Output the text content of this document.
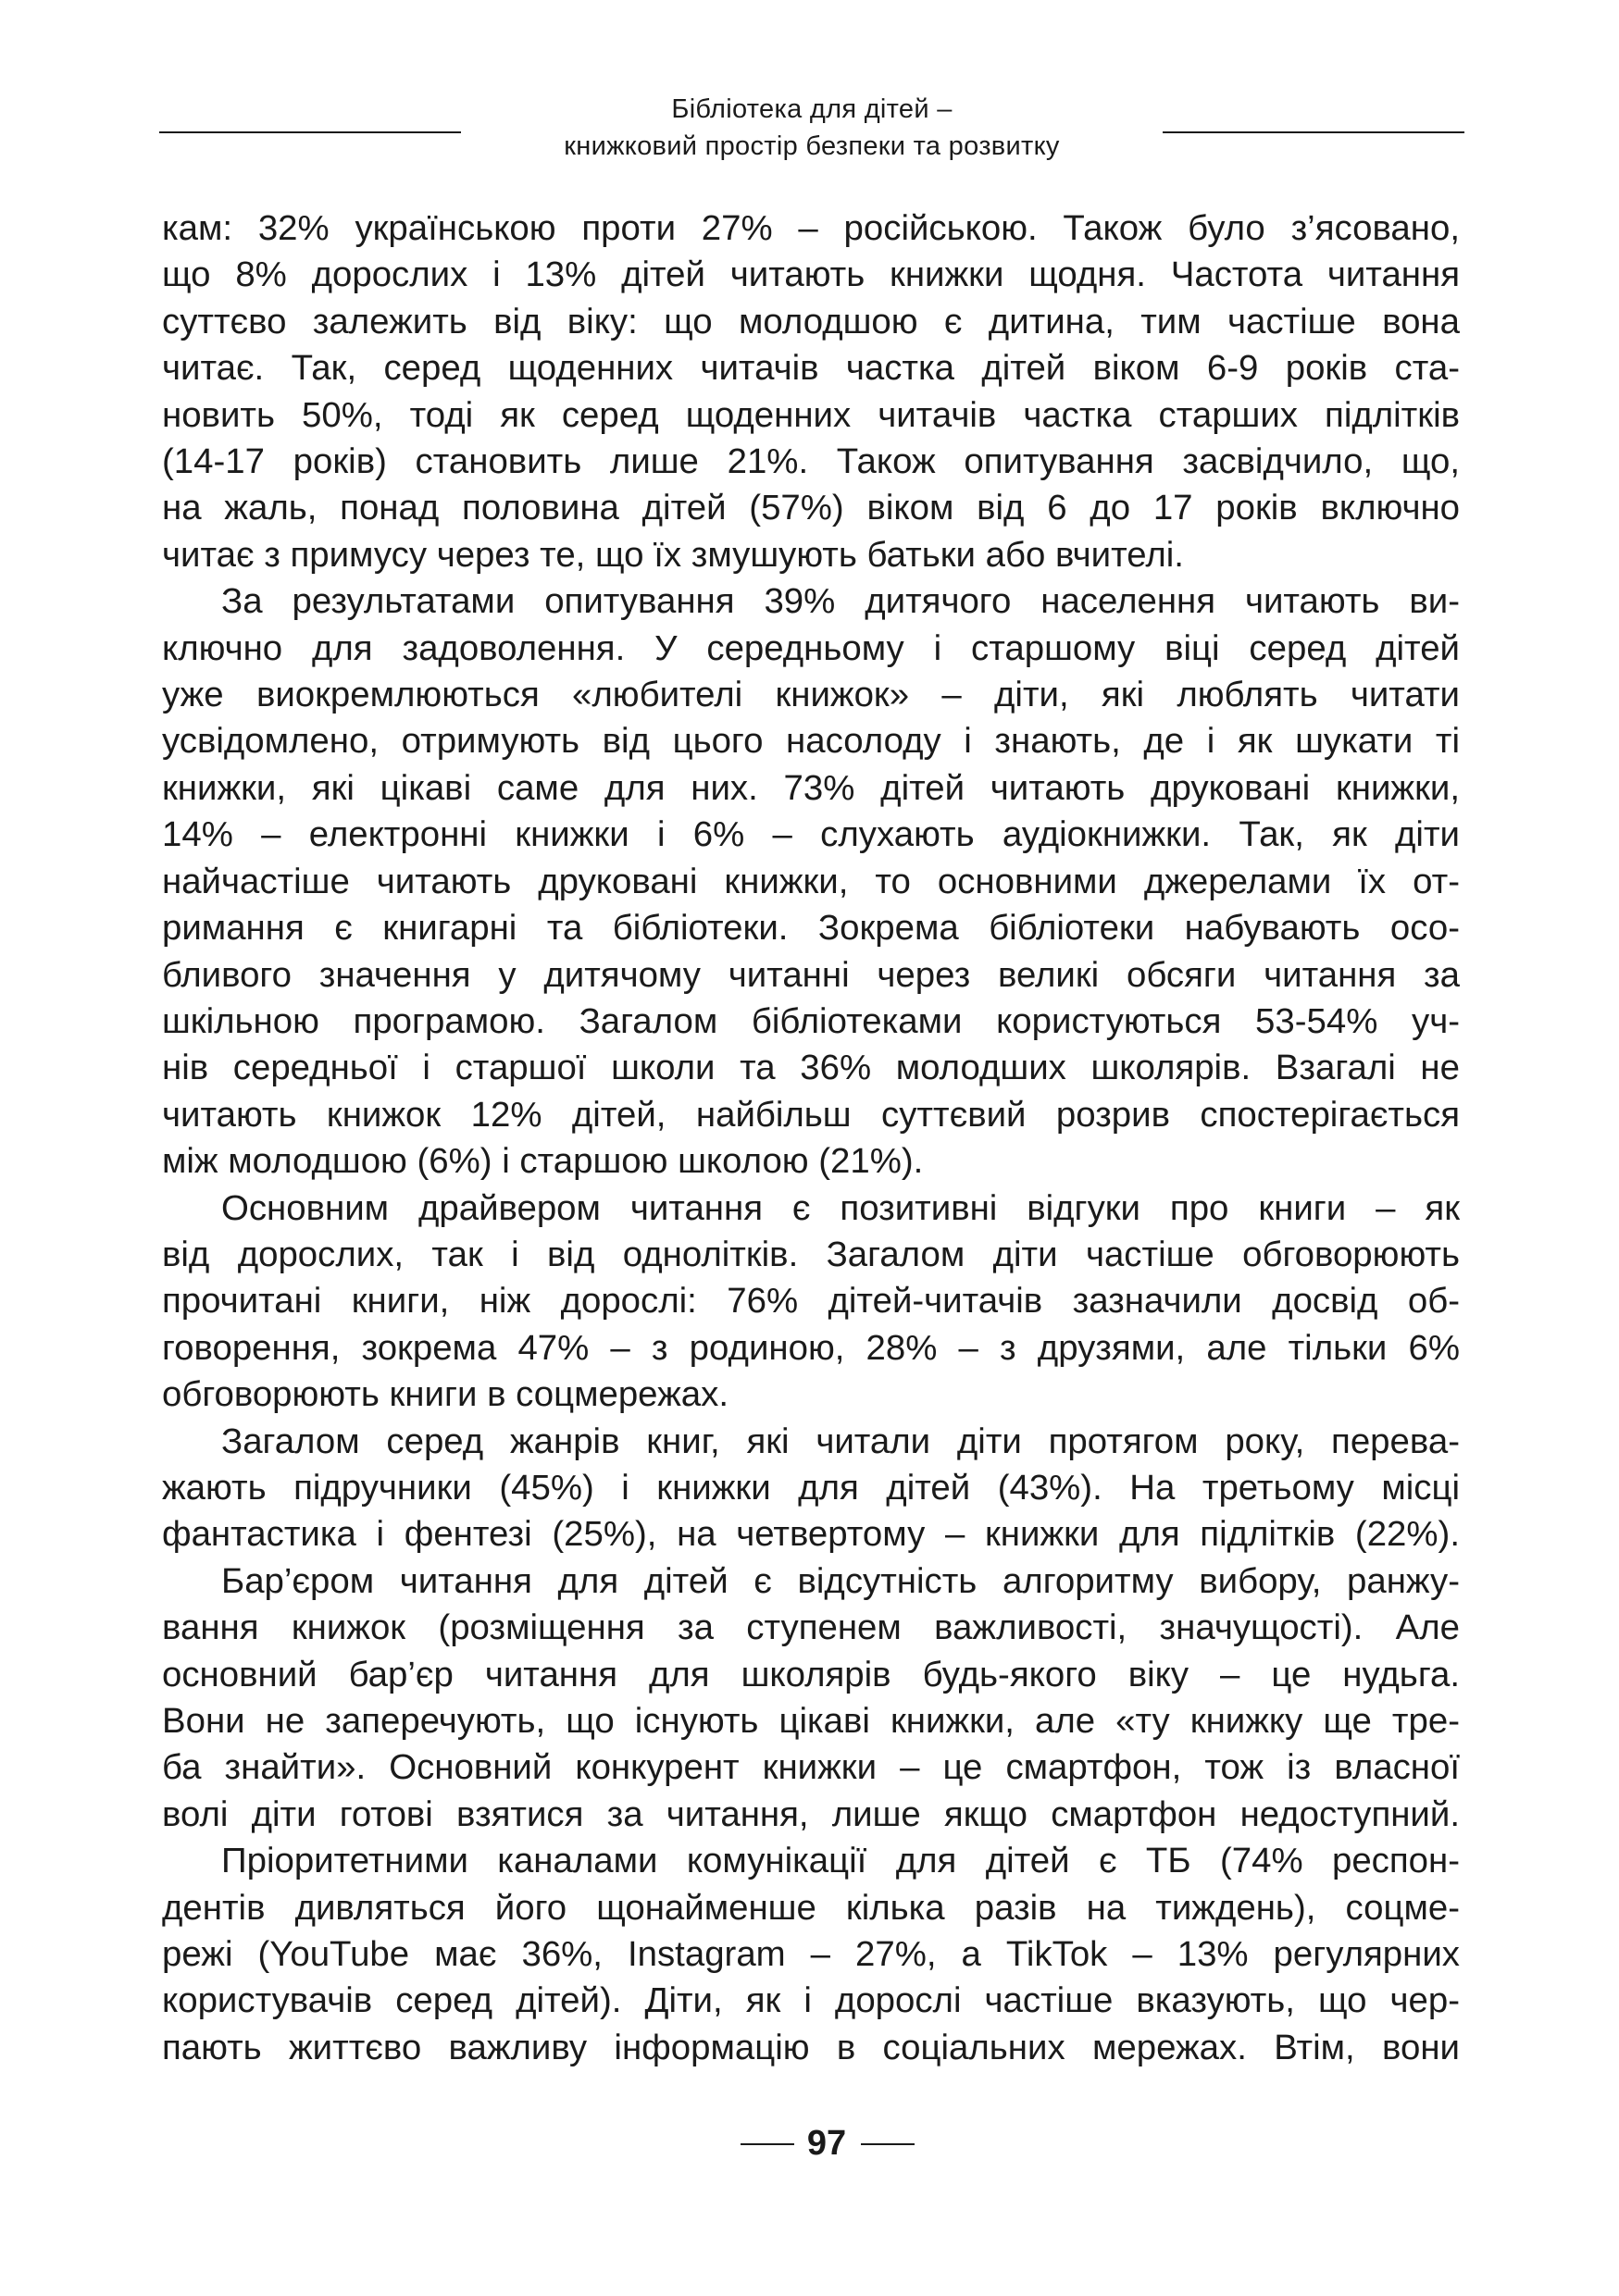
Бібліотека для дітей –
книжковий простір безпеки та розвитку

кам: 32% українською проти 27% – російською. Також було з’ясовано,

що 8% дорослих і 13% дітей читають книжки щодня. Частота читання

суттєво залежить від віку: що молодшою є дитина, тим частіше вона

читає. Так, серед щоденних читачів частка дітей віком 6-9 років ста-

новить 50%, тоді як серед щоденних читачів частка старших підлітків

(14-17 років) становить лише 21%. Також опитування засвідчило, що,

на жаль, понад половина дітей (57%) віком від 6 до 17 років включно

читає з примусу через те, що їх змушують батьки або вчителі.

За результатами опитування 39% дитячого населення читають ви-

ключно для задоволення. У середньому і старшому віці серед дітей

уже виокремлюються «любителі книжок» – діти, які люблять читати

усвідомлено, отримують від цього насолоду і знають, де і як шукати ті

книжки, які цікаві саме для них. 73% дітей читають друковані книжки,

14% – електронні книжки і 6% – слухають аудіокнижки. Так, як діти

найчастіше читають друковані книжки, то основними джерелами їх от-

римання є книгарні та бібліотеки. Зокрема бібліотеки набувають осо-

бливого значення у дитячому читанні через великі обсяги читання за

шкільною програмою. Загалом бібліотеками користуються 53-54% уч-

нів середньої і старшої школи та 36% молодших школярів. Взагалі не

читають книжок 12% дітей, найбільш суттєвий розрив спостерігається

між молодшою (6%) і старшою школою (21%).

Основним драйвером читання є позитивні відгуки про книги – як

від дорослих, так і від однолітків. Загалом діти частіше обговорюють

прочитані книги, ніж дорослі: 76% дітей-читачів зазначили досвід об-

говорення, зокрема 47% – з родиною, 28% – з друзями, але тільки 6%

обговорюють книги в соцмережах.

Загалом серед жанрів книг, які читали діти протягом року, перева-

жають підручники (45%) і книжки для дітей (43%). На третьому місці

фантастика і фентезі (25%), на четвертому – книжки для підлітків (22%).

Бар’єром читання для дітей є відсутність алгоритму вибору, ранжу-

вання книжок (розміщення за ступенем важливості, значущості). Але

основний бар’єр читання для школярів будь-якого віку – це нудьга.

Вони не заперечують, що існують цікаві книжки, але «ту книжку ще тре-

ба знайти». Основний конкурент книжки – це смартфон, тож із власної

волі діти готові взятися за читання, лише якщо смартфон недоступний.

Пріоритетними каналами комунікації для дітей є ТБ (74% респон-

дентів дивляться його щонайменше кілька разів на тиждень), соцме-

режі (YouTube має 36%, Instagram – 27%, а TikTok – 13% регулярних

користувачів серед дітей). Діти, як і дорослі частіше вказують, що чер-

пають життєво важливу інформацію в соціальних мережах. Втім, вони

97
